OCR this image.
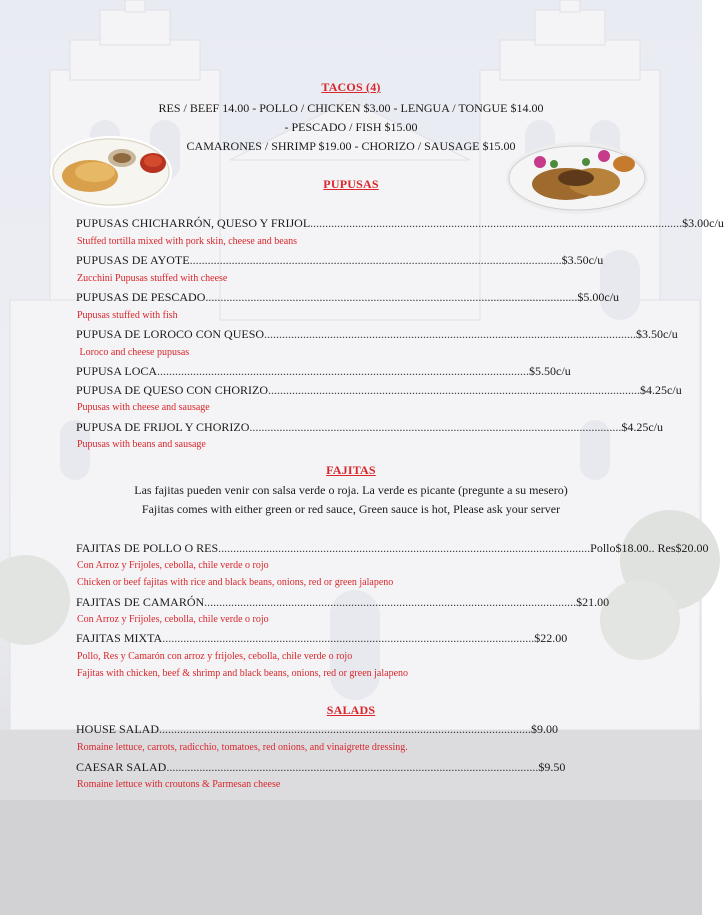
TACOS (4)
RES / BEEF 14.00 - POLLO / CHICKEN $3.00 - LENGUA / TONGUE $14.00
- PESCADO / FISH $15.00
CAMARONES / SHRIMP $19.00 - CHORIZO / SAUSAGE $15.00
PUPUSAS
PUPUSAS CHICHARRÓN, QUESO Y FRIJOL ............................................................................................................................ $3.00c/u
Stuffed tortilla mixed with pork skin, cheese and beans
PUPUSAS DE AYOTE ............................................................................................................................ $3.50c/u
Zucchini Pupusas stuffed with cheese
PUPUSAS DE PESCADO ............................................................................................................................ $5.00c/u
Pupusas stuffed with fish
PUPUSA DE LOROCO CON QUESO ............................................................................................................................ $3.50c/u
Loroco and cheese pupusas
PUPUSA LOCA ............................................................................................................................ $5.50c/u
PUPUSA DE QUESO CON CHORIZO ............................................................................................................................ $4.25c/u
Pupusas with cheese and sausage
PUPUSA DE FRIJOL Y CHORIZO ............................................................................................................................ $4.25c/u
Pupusas with beans and sausage
FAJITAS
Las fajitas pueden venir con salsa verde o roja. La verde es picante (pregunte a su mesero)
Fajitas comes with either green or red sauce, Green sauce is hot, Please ask your server
FAJITAS DE POLLO O RES ............................................................................................................................ Pollo$18.00.. Res$20.00
Con Arroz y Frijoles, cebolla, chile verde o rojo
Chicken or beef fajitas with rice and black beans, onions, red or green jalapeno
FAJITAS DE CAMARÓN ............................................................................................................................ $21.00
Con Arroz y Frijoles, cebolla, chile verde o rojo
FAJITAS MIXTA ............................................................................................................................ $22.00
Pollo, Res y Camarón con arroz y frijoles, cebolla, chile verde o rojo
Fajitas with chicken, beef & shrimp and black beans, onions, red or green jalapeno
SALADS
HOUSE SALAD ............................................................................................................................ $9.00
Romaine lettuce, carrots, radicchio, tomatoes, red onions, and vinaigrette dressing.
CAESAR SALAD ............................................................................................................................ $9.50
Romaine lettuce with croutons & Parmesan cheese
